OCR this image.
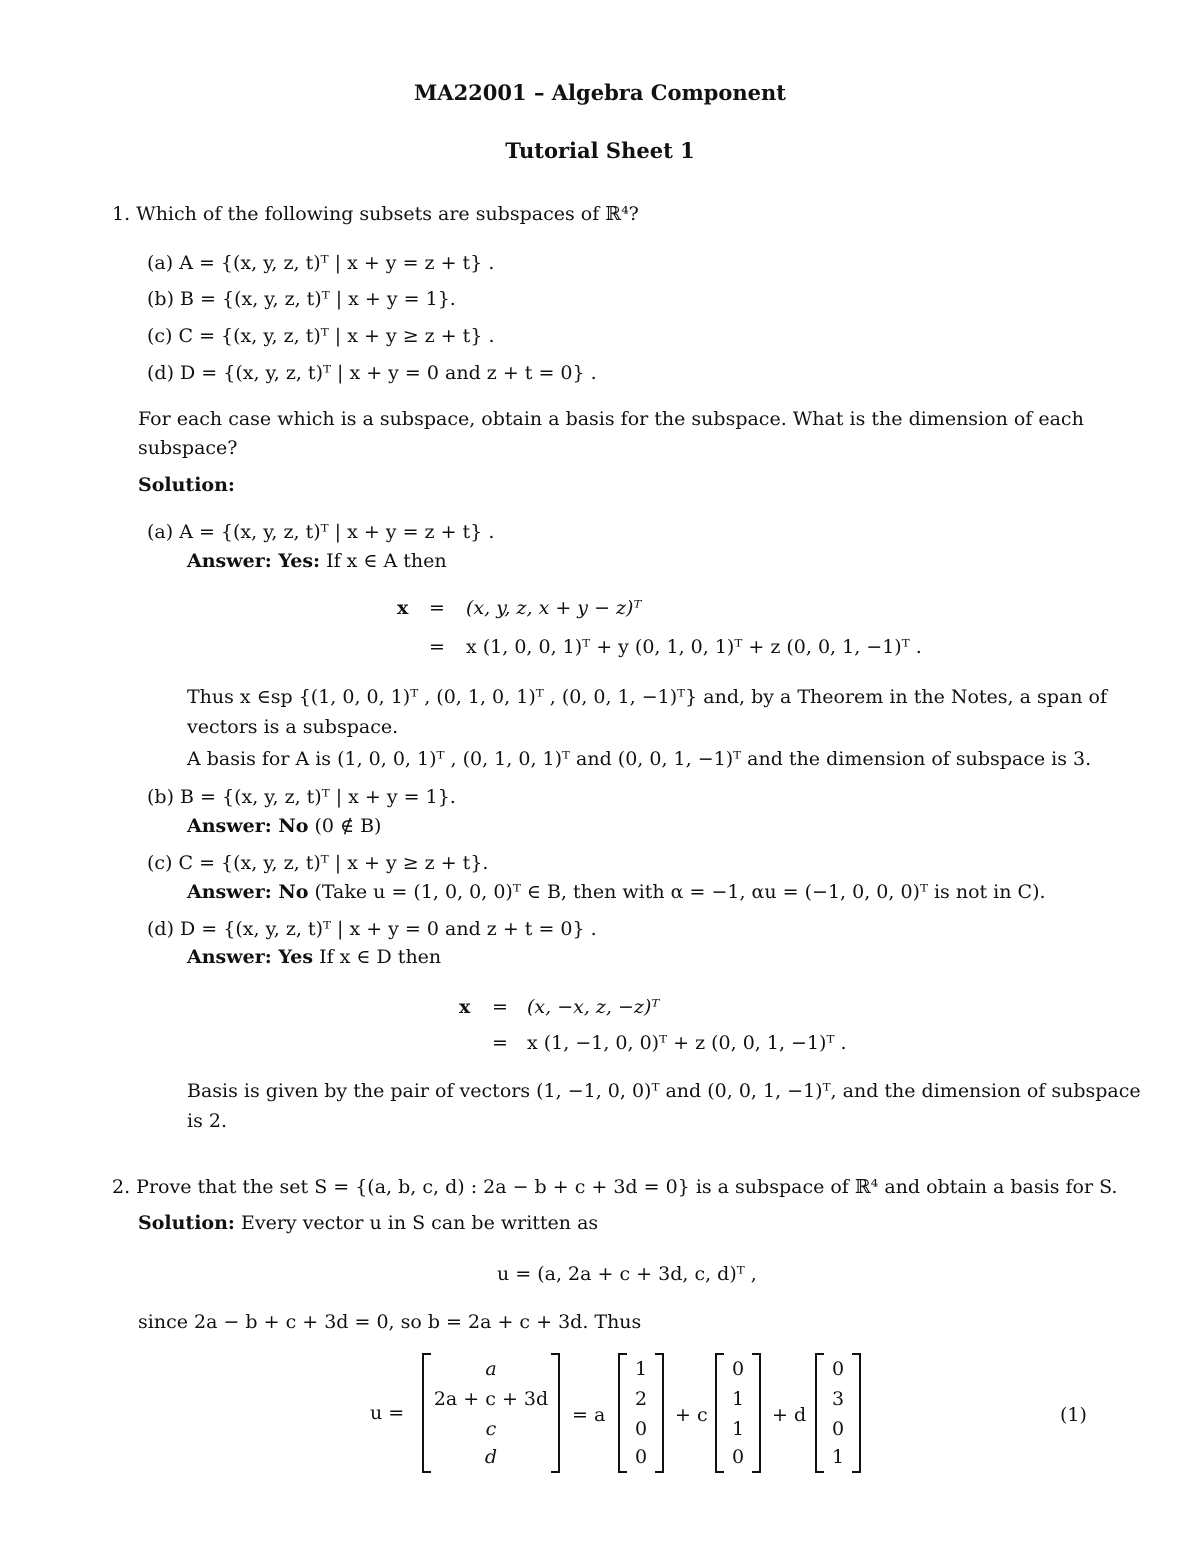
MA22001 – Algebra Component
Tutorial Sheet 1
1. Which of the following subsets are subspaces of ℝ⁴?
(a) A = {(x, y, z, t)ᵀ | x + y = z + t} .
(b) B = {(x, y, z, t)ᵀ | x + y = 1}.
(c) C = {(x, y, z, t)ᵀ | x + y ≥ z + t} .
(d) D = {(x, y, z, t)ᵀ | x + y = 0 and z + t = 0} .
For each case which is a subspace, obtain a basis for the subspace. What is the dimension of each
subspace?
Solution:
(a) A = {(x, y, z, t)ᵀ | x + y = z + t} .
Answer: Yes: If x ∈ A then
x = (x, y, z, x + y − z)ᵀ
= x (1, 0, 0, 1)ᵀ + y (0, 1, 0, 1)ᵀ + z (0, 0, 1, −1)ᵀ .
Thus x ∈sp {(1, 0, 0, 1)ᵀ , (0, 1, 0, 1)ᵀ , (0, 0, 1, −1)ᵀ} and, by a Theorem in the Notes, a span of
vectors is a subspace.
A basis for A is (1, 0, 0, 1)ᵀ , (0, 1, 0, 1)ᵀ and (0, 0, 1, −1)ᵀ and the dimension of subspace is 3.
(b) B = {(x, y, z, t)ᵀ | x + y = 1}.
Answer: No (0 ∉ B)
(c) C = {(x, y, z, t)ᵀ | x + y ≥ z + t}.
Answer: No (Take u = (1, 0, 0, 0)ᵀ ∈ B, then with α = −1, αu = (−1, 0, 0, 0)ᵀ is not in C).
(d) D = {(x, y, z, t)ᵀ | x + y = 0 and z + t = 0} .
Answer: Yes If x ∈ D then
x = (x, −x, z, −z)ᵀ
= x (1, −1, 0, 0)ᵀ + z (0, 0, 1, −1)ᵀ .
Basis is given by the pair of vectors (1, −1, 0, 0)ᵀ and (0, 0, 1, −1)ᵀ, and the dimension of subspace
is 2.
2. Prove that the set S = {(a, b, c, d) : 2a − b + c + 3d = 0} is a subspace of ℝ⁴ and obtain a basis for S.
Solution: Every vector u in S can be written as
u = (a, 2a + c + 3d, c, d)ᵀ ,
since 2a − b + c + 3d = 0, so b = 2a + c + 3d. Thus
u =
a
2a + c + 3d
c
d
= a
1
2
0
0
+ c
0
1
1
0
+ d
0
3
0
1
(1)
